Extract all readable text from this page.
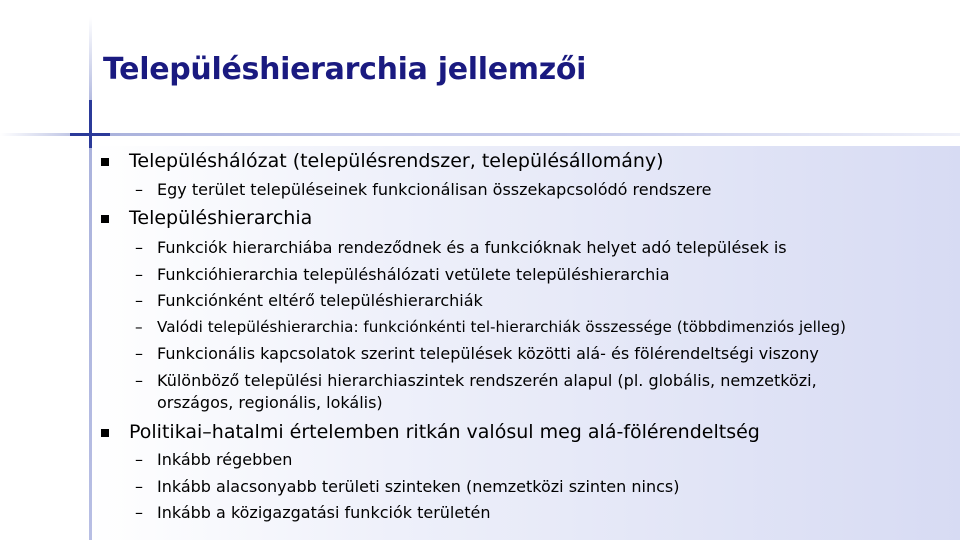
Településhierarchia jellemzői
Településhálózat (településrendszer, településállomány)
– Egy terület településeinek funkcionálisan összekapcsolódó rendszere
Településhierarchia
– Funkciók hierarchiába rendeződnek és a funkcióknak helyet adó települések is
– Funkcióhierarchia településhálózati vetülete településhierarchia
– Funkciónként eltérő településhierarchiák
– Valódi településhierarchia: funkciónkénti tel-hierarchiák összessége (többdimenziós jelleg)
– Funkcionális kapcsolatok szerint települések közötti alá- és fölérendeltségi viszony
– Különböző települési hierarchiaszintek rendszerén alapul (pl. globális, nemzetközi,
országos, regionális, lokális)
Politikai–hatalmi értelemben ritkán valósul meg alá-fölérendeltség
– Inkább régebben
– Inkább alacsonyabb területi szinteken (nemzetközi szinten nincs)
– Inkább a közigazgatási funkciók területén
